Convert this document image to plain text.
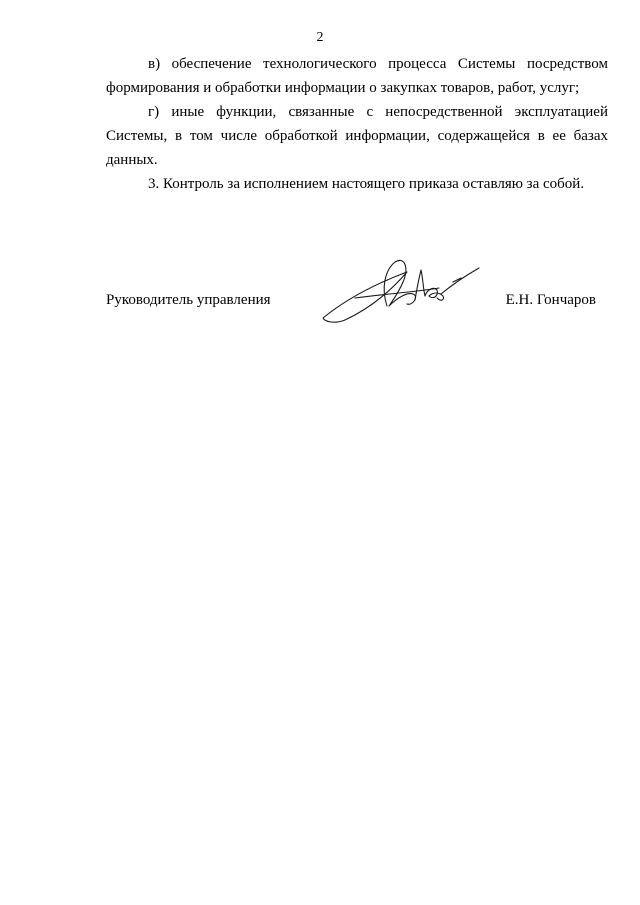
2

в) обеспечение технологического процесса Системы посредством формирования и обработки информации о закупках товаров, работ, услуг;

г) иные функции, связанные с непосредственной эксплуатацией Системы, в том числе обработкой информации, содержащейся в ее базах данных.

3. Контроль за исполнением настоящего приказа оставляю за собой.

Руководитель управления	Е.Н. Гончаров
